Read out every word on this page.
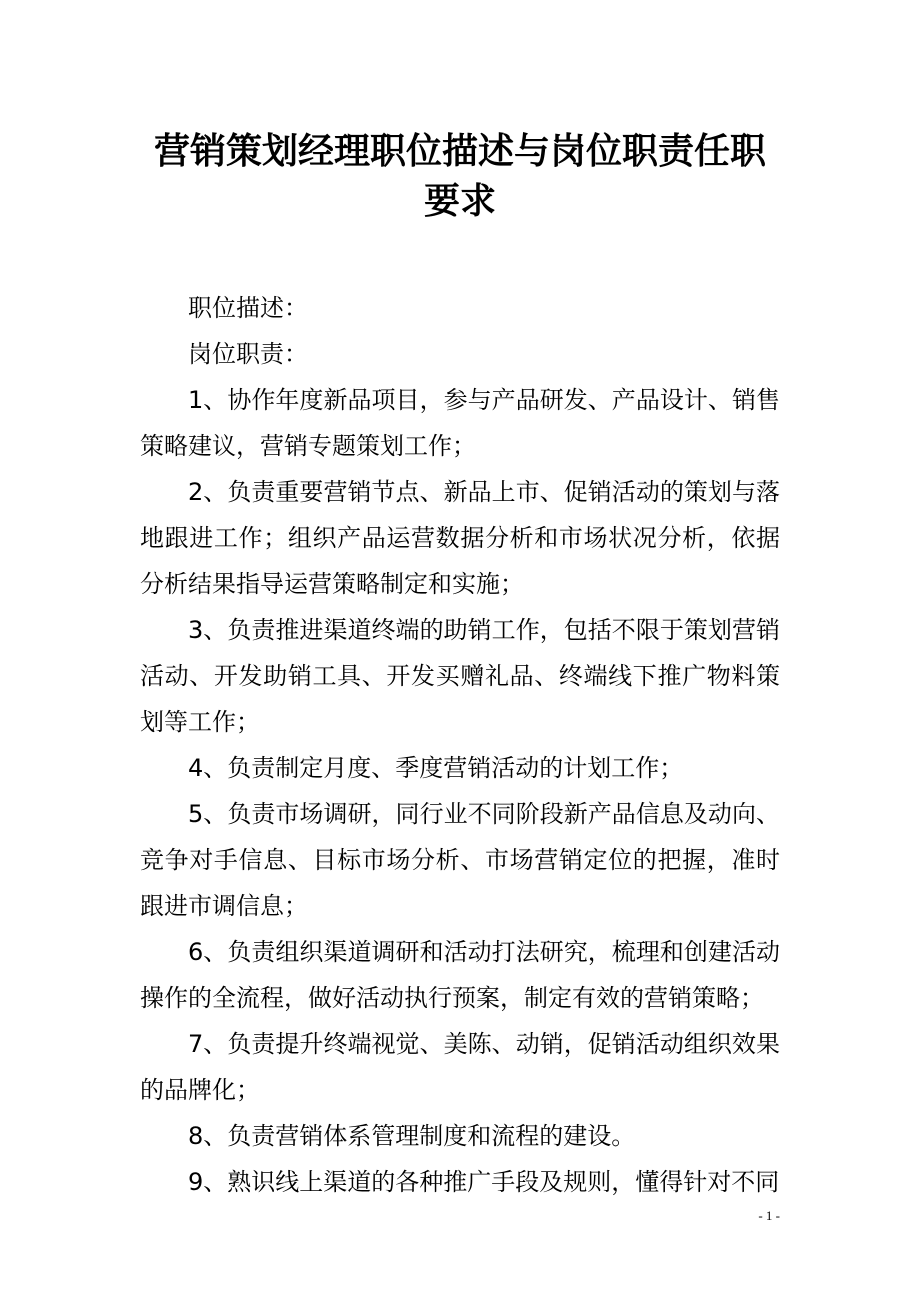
营销策划经理职位描述与岗位职责任职要求

职位描述：

岗位职责：

1、协作年度新品项目，参与产品研发、产品设计、销售策略建议，营销专题策划工作；

2、负责重要营销节点、新品上市、促销活动的策划与落地跟进工作；组织产品运营数据分析和市场状况分析，依据分析结果指导运营策略制定和实施；

3、负责推进渠道终端的助销工作，包括不限于策划营销活动、开发助销工具、开发买赠礼品、终端线下推广物料策划等工作；

4、负责制定月度、季度营销活动的计划工作；

5、负责市场调研，同行业不同阶段新产品信息及动向、竞争对手信息、目标市场分析、市场营销定位的把握，准时跟进市调信息；

6、负责组织渠道调研和活动打法研究，梳理和创建活动操作的全流程，做好活动执行预案，制定有效的营销策略；

7、负责提升终端视觉、美陈、动销，促销活动组织效果的品牌化；

8、负责营销体系管理制度和流程的建设。

9、熟识线上渠道的各种推广手段及规则，懂得针对不同

- 1 -
